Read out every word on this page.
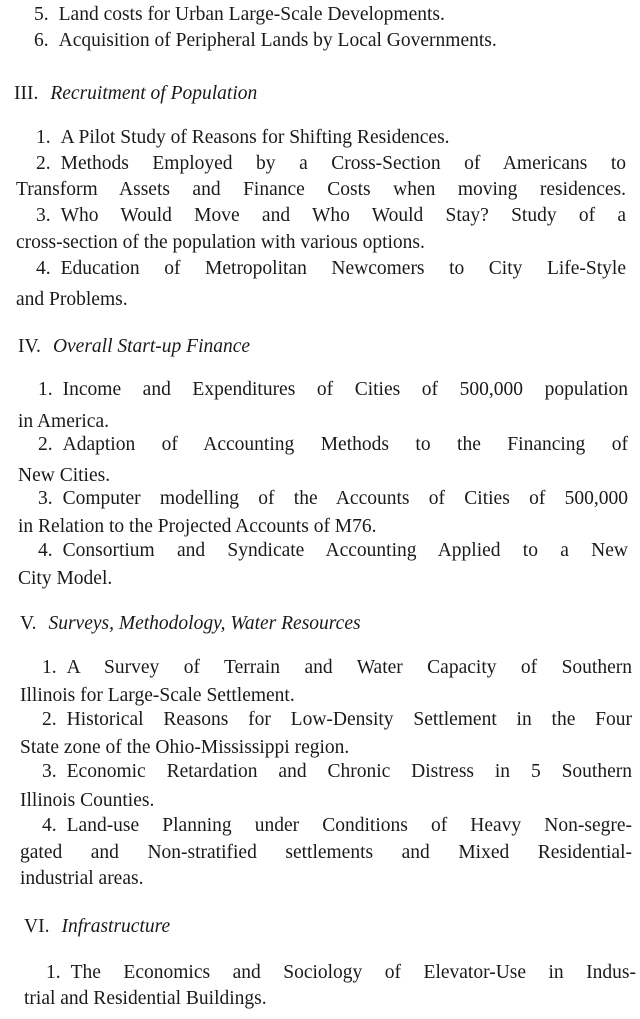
5. Land costs for Urban Large-Scale Developments.
6. Acquisition of Peripheral Lands by Local Governments.
III. Recruitment of Population
1. A Pilot Study of Reasons for Shifting Residences.
2. Methods Employed by a Cross-Section of Americans to
Transform Assets and Finance Costs when moving residences.
3. Who Would Move and Who Would Stay? Study of a
cross-section of the population with various options.
4. Education of Metropolitan Newcomers to City Life-Style
and Problems.
IV. Overall Start-up Finance
1. Income and Expenditures of Cities of 500,000 population
in America.
2. Adaption of Accounting Methods to the Financing of
New Cities.
3. Computer modelling of the Accounts of Cities of 500,000
in Relation to the Projected Accounts of M76.
4. Consortium and Syndicate Accounting Applied to a New
City Model.
V. Surveys, Methodology, Water Resources
1. A Survey of Terrain and Water Capacity of Southern
Illinois for Large-Scale Settlement.
2. Historical Reasons for Low-Density Settlement in the Four
State zone of the Ohio-Mississippi region.
3. Economic Retardation and Chronic Distress in 5 Southern
Illinois Counties.
4. Land-use Planning under Conditions of Heavy Non-segre-
gated and Non-stratified settlements and Mixed Residential-
industrial areas.
VI. Infrastructure
1. The Economics and Sociology of Elevator-Use in Indus-
trial and Residential Buildings.
